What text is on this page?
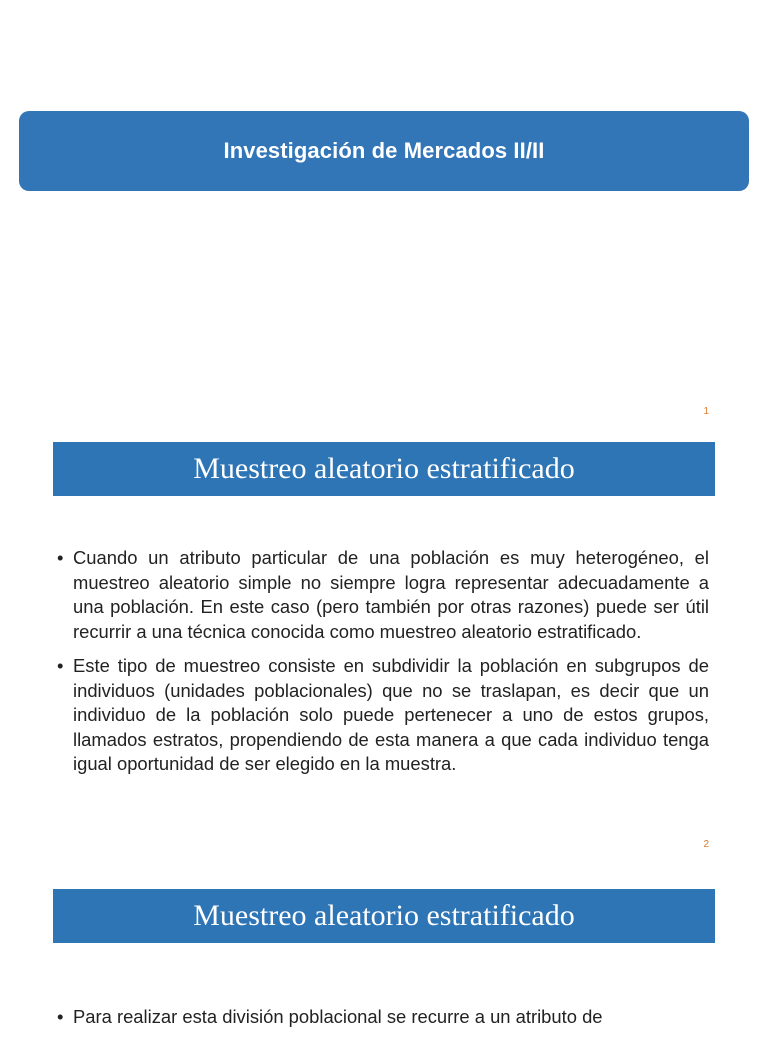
Investigación de Mercados II/II
1
Muestreo aleatorio estratificado
• Cuando un atributo particular de una población es muy heterogéneo, el muestreo aleatorio simple no siempre logra representar adecuadamente a una población. En este caso (pero también por otras razones) puede ser útil recurrir a una técnica conocida como muestreo aleatorio estratificado.
• Este tipo de muestreo consiste en subdividir la población en subgrupos de individuos (unidades poblacionales) que no se traslapan, es decir que un individuo de la población solo puede pertenecer a uno de estos grupos, llamados estratos, propendiendo de esta manera a que cada individuo tenga igual oportunidad de ser elegido en la muestra.
2
Muestreo aleatorio estratificado
• Para realizar esta división poblacional se recurre a un atributo de
